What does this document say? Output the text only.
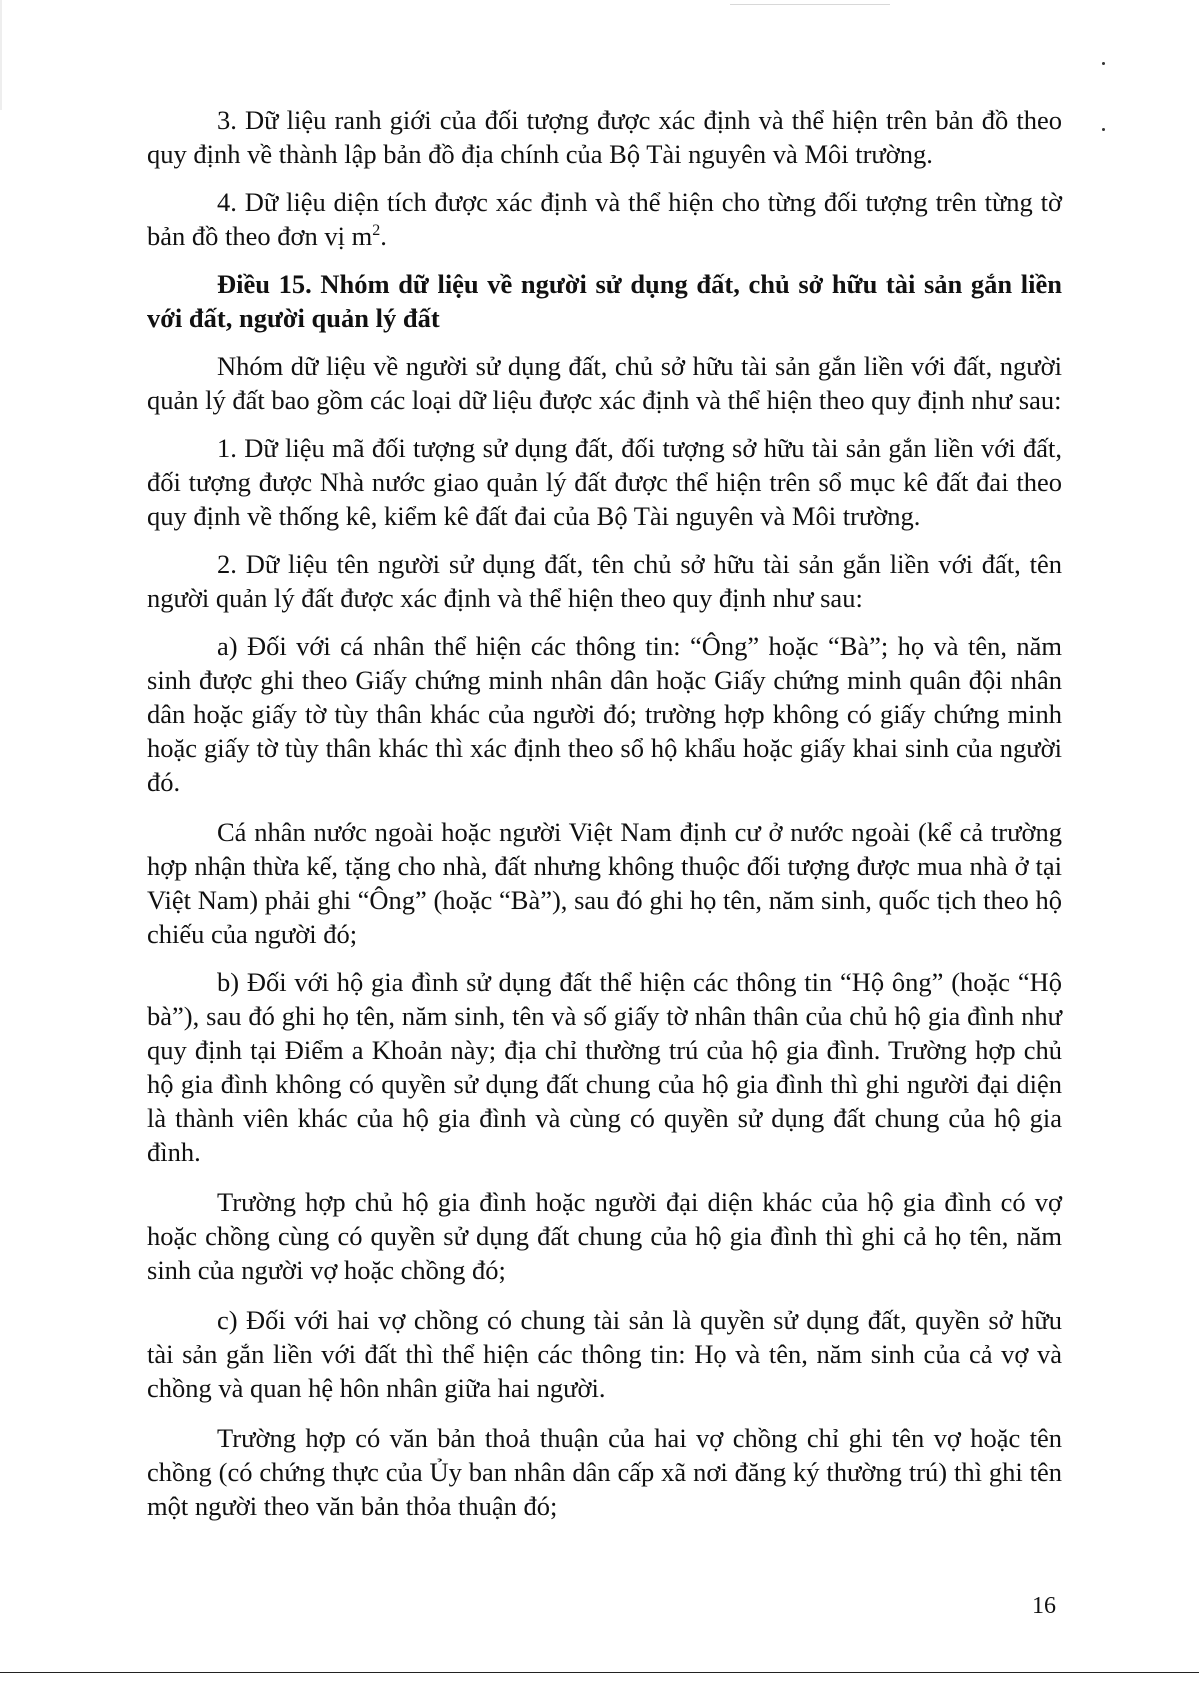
3. Dữ liệu ranh giới của đối tượng được xác định và thể hiện trên bản đồ theo quy định về thành lập bản đồ địa chính của Bộ Tài nguyên và Môi trường.

4. Dữ liệu diện tích được xác định và thể hiện cho từng đối tượng trên từng tờ bản đồ theo đơn vị $m^2$.

Điều 15. Nhóm dữ liệu về người sử dụng đất, chủ sở hữu tài sản gắn liền với đất, người quản lý đất

Nhóm dữ liệu về người sử dụng đất, chủ sở hữu tài sản gắn liền với đất, người quản lý đất bao gồm các loại dữ liệu được xác định và thể hiện theo quy định như sau:

1. Dữ liệu mã đối tượng sử dụng đất, đối tượng sở hữu tài sản gắn liền với đất, đối tượng được Nhà nước giao quản lý đất được thể hiện trên sổ mục kê đất đai theo quy định về thống kê, kiểm kê đất đai của Bộ Tài nguyên và Môi trường.

2. Dữ liệu tên người sử dụng đất, tên chủ sở hữu tài sản gắn liền với đất, tên người quản lý đất được xác định và thể hiện theo quy định như sau:

a) Đối với cá nhân thể hiện các thông tin: “Ông” hoặc “Bà”; họ và tên, năm sinh được ghi theo Giấy chứng minh nhân dân hoặc Giấy chứng minh quân đội nhân dân hoặc giấy tờ tùy thân khác của người đó; trường hợp không có giấy chứng minh hoặc giấy tờ tùy thân khác thì xác định theo sổ hộ khẩu hoặc giấy khai sinh của người đó.

Cá nhân nước ngoài hoặc người Việt Nam định cư ở nước ngoài (kể cả trường hợp nhận thừa kế, tặng cho nhà, đất nhưng không thuộc đối tượng được mua nhà ở tại Việt Nam) phải ghi “Ông” (hoặc “Bà”), sau đó ghi họ tên, năm sinh, quốc tịch theo hộ chiếu của người đó;

b) Đối với hộ gia đình sử dụng đất thể hiện các thông tin “Hộ ông” (hoặc “Hộ bà”), sau đó ghi họ tên, năm sinh, tên và số giấy tờ nhân thân của chủ hộ gia đình như quy định tại Điểm a Khoản này; địa chỉ thường trú của hộ gia đình. Trường hợp chủ hộ gia đình không có quyền sử dụng đất chung của hộ gia đình thì ghi người đại diện là thành viên khác của hộ gia đình và cùng có quyền sử dụng đất chung của hộ gia đình.

Trường hợp chủ hộ gia đình hoặc người đại diện khác của hộ gia đình có vợ hoặc chồng cùng có quyền sử dụng đất chung của hộ gia đình thì ghi cả họ tên, năm sinh của người vợ hoặc chồng đó;

c) Đối với hai vợ chồng có chung tài sản là quyền sử dụng đất, quyền sở hữu tài sản gắn liền với đất thì thể hiện các thông tin: Họ và tên, năm sinh của cả vợ và chồng và quan hệ hôn nhân giữa hai người.

Trường hợp có văn bản thoả thuận của hai vợ chồng chỉ ghi tên vợ hoặc tên chồng (có chứng thực của Ủy ban nhân dân cấp xã nơi đăng ký thường trú) thì ghi tên một người theo văn bản thỏa thuận đó;

16
